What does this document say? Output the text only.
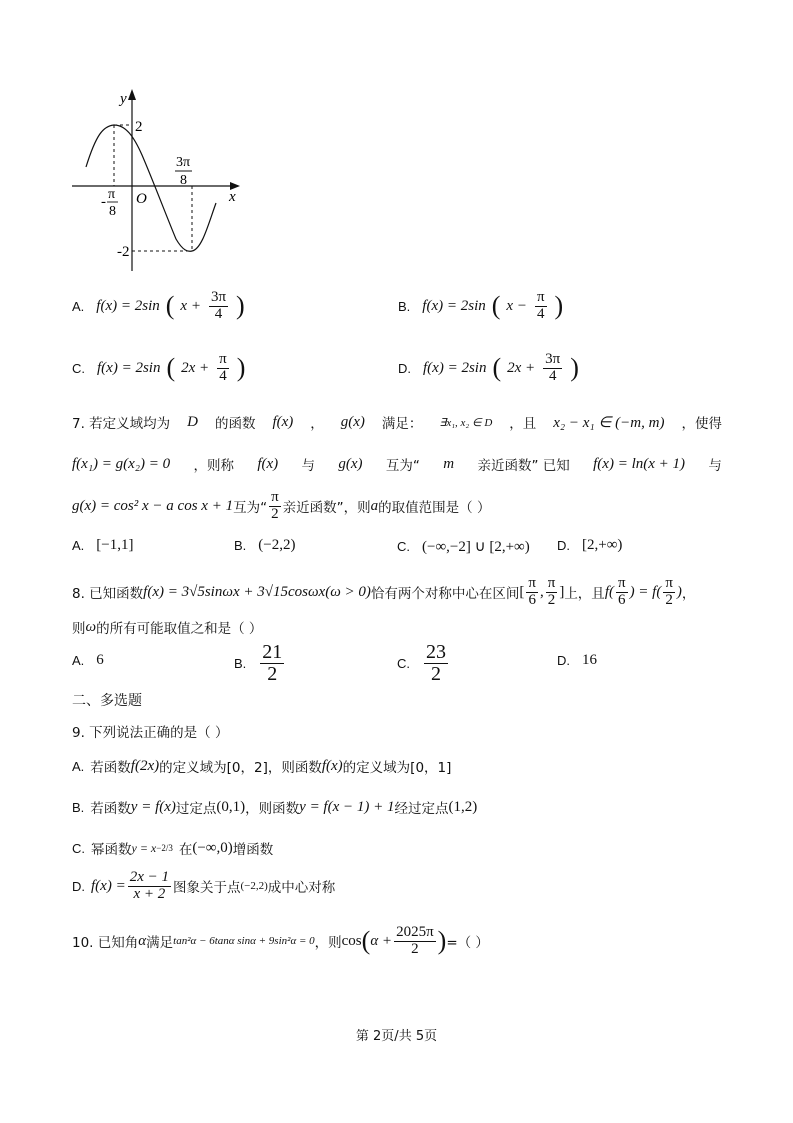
y
x
O
2
-2
- π
8
3π
8
A. f(x) = 2sin ( $x + \frac{3\pi}{4}$ )	B. f(x) = 2sin ( $x - \frac{\pi}{4}$ )
C. f(x) = 2sin ( $2x + \frac{\pi}{4}$ )	D. f(x) = 2sin ( $2x + \frac{3\pi}{4}$ )
7. 若定义域均为 D 的函数 f(x) ， g(x) 满足： ∃x₁, x₂ ∈ D ，且 x₂ − x₁ ∈ (−m, m) ，使得
f(x₁) = g(x₂) = 0 ，则称 f(x) 与 g(x) 互为“ m 亲近函数” 已知 f(x) = ln(x + 1) 与
g(x) = cos² x − a cos x + 1 互为“ $\frac{\pi}{2}$ 亲近函数”，则 a 的取值范围是（ ）
A. [−1,1]	B. (−2,2)	C. (−∞,−2] ∪ [2,+∞) D. [2,+∞)
8. 已知函数 f(x) = 3√5sinωx + 3√15cosωx(ω > 0) 恰有两个对称中心在区间 [ $\frac{\pi}{6}$ , $\frac{\pi}{2}$ ] 上，且 $f( \frac{\pi}{6}$ ) = $f( \frac{\pi}{2}$ ) ，
则 ω 的所有可能取值之和是（ ）
A. 6	B. $\frac{21}{2}$	C. $\frac{23}{2}$	D. 16
二、多选题
9. 下列说法正确的是（ ）
A. 若函数 f(2x) 的定义域为[0，2]，则函数 f(x) 的定义域为[0，1]
B. 若函数 y = f(x) 过定点 (0,1) ，则函数 y = f(x − 1) + 1 经过定点 (1,2)
C. 幂函数 y = x −2/3 在 (−∞,0) 增函数
D. $f(x) = \frac{2x - 1}{x + 2}$ 图象关于点 (−2,2) 成中心对称
10. 已知角 α 满足 tan²α − 6tanα sinα + 9sin²α = 0 ，则 cos ( $\alpha + \frac{2025\pi}{2}$ ) =（ ）
第 2页/共 5页
